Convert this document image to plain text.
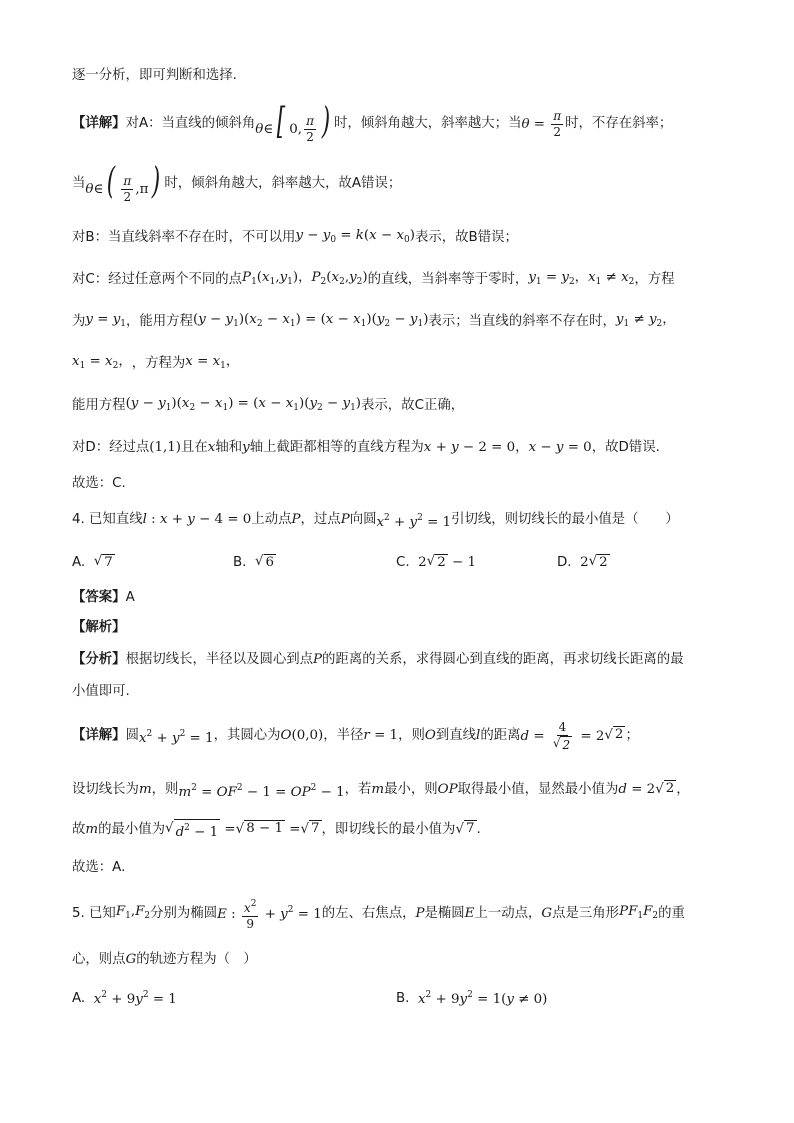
逐一分析，即可判断和选择.
【详解】 对A：当直线的倾斜角 θ∈ [ 0, $\frac{\pi}{2}$ ) 时，倾斜角越大，斜率越大；当 $\theta = \frac{\pi}{2}$ 时，不存在斜率；
当 θ∈ ( $\frac{\pi}{2} ,\pi$ ) 时，倾斜角越大，斜率越大，故A错误；
对B：当直线斜率不存在时，不可以用 $y - y_0 = k(x - x_0)$ 表示，故B错误；
对C：经过任意两个不同的点 $P_1(x_1,y_1)$，$P_2(x_2,y_2)$ 的直线，当斜率等于零时， $y_1 = y_2$，$x_1 \ne x_2$ ，方程
为 $y = y_1$ ，能用方程 $(y - y_1)(x_2 - x_1) = (x - x_1)(y_2 - y_1)$ 表示；当直线的斜率不存在时， $y_1 \ne y_2$，
$x_1 = x_2$， ，方程为 $x = x_1$，
能用方程 $(y - y_1)(x_2 - x_1) = (x - x_1)(y_2 - y_1)$ 表示，故C正确，
对D：经过点 (1,1) 且在 x 轴和 y 轴上截距都相等的直线方程为 x + y − 2 = 0，x − y = 0 ，故D错误.
故选：C.
4. 已知直线 l : x + y − 4 = 0 上动点 P ，过点 P 向圆 $x^2 + y^2 = 1$ 引切线，则切线长的最小值是（　　）
A.
√ 7	B.
√ 6	C.
2 √ 2 − 1	D.
2 √ 2
【答案】 A
【解析】
【分析】 根据切线长，半径以及圆心到点 P 的距离的关系，求得圆心到直线的距离，再求切线长距离的最
小值即可.
【详解】 圆 $x^2 + y^2 = 1$ ，其圆心为 O(0,0) ，半径 r = 1 ，则 O 到直线 l 的距离 $d = \frac{4}{√ 2} = 2$ √ 2 ；
设切线长为 m ，则 $m^2 = OF^2 - 1 = OP^2 - 1$ ，若 m 最小，则 OP 取得最小值，显然最小值为 d = 2 √ 2 ，
故 m 的最小值为 √ $d^2 - 1$ = √ 8 − 1 = √ 7 ，即切线长的最小值为 √ 7 .
故选：A.
5. 已知 $F_1,F_2$ 分别为椭圆 E : $\frac{x^2}{9} + y^2 = 1$ 的左、右焦点， P 是椭圆 E 上一动点， G 点是三角形 $PF_1F_2$ 的重
心，则点 G 的轨迹方程为（　）
A.
$x^2 + 9y^2 = 1$	B.
$x^2 + 9y^2 = 1(y \ne 0)$
